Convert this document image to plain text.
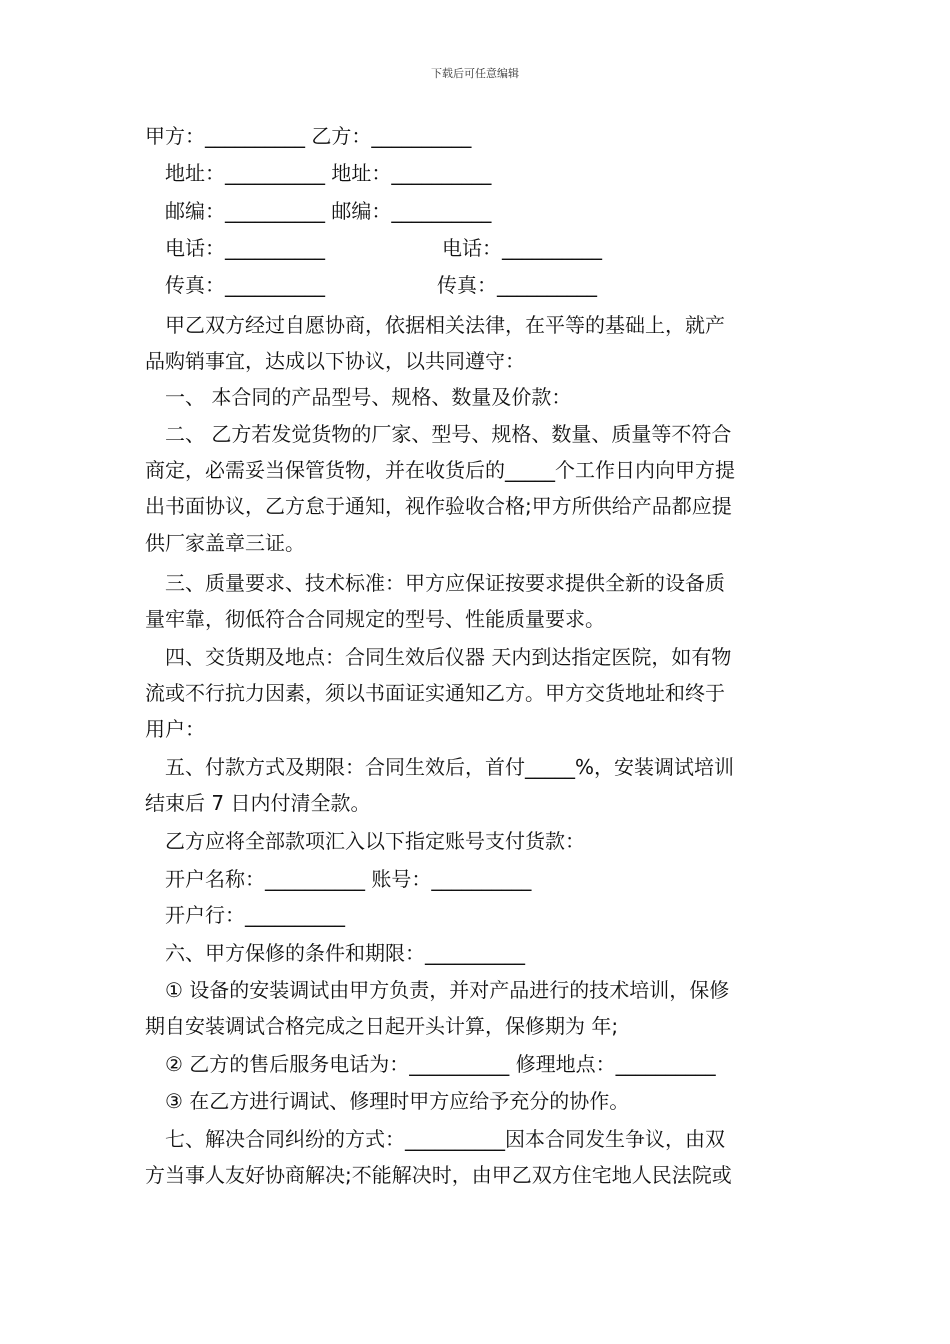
下载后可任意编辑
甲方：__________ 乙方：__________
地址：__________ 地址：__________
邮编：__________ 邮编：__________
电话：__________	电话：__________
传真：__________	传真：__________
甲乙双方经过自愿协商，依据相关法律，在平等的基础上，就产
品购销事宜，达成以下协议，以共同遵守：
一、 本合同的产品型号、规格、数量及价款：
二、 乙方若发觉货物的厂家、型号、规格、数量、质量等不符合
商定，必需妥当保管货物，并在收货后的_____个工作日内向甲方提
出书面协议，乙方怠于通知，视作验收合格;甲方所供给产品都应提
供厂家盖章三证。
三、质量要求、技术标准：甲方应保证按要求提供全新的设备质
量牢靠，彻低符合合同规定的型号、性能质量要求。
四、交货期及地点：合同生效后仪器 天内到达指定医院，如有物
流或不行抗力因素，须以书面证实通知乙方。甲方交货地址和终于
用户：
五、付款方式及期限：合同生效后，首付_____%，安装调试培训
结束后 7 日内付清全款。
乙方应将全部款项汇入以下指定账号支付货款：
开户名称：__________ 账号：__________
开户行：__________
六、甲方保修的条件和期限：__________
① 设备的安装调试由甲方负责，并对产品进行的技术培训，保修
期自安装调试合格完成之日起开头计算，保修期为 年;
② 乙方的售后服务电话为：__________ 修理地点：__________
③ 在乙方进行调试、修理时甲方应给予充分的协作。
七、解决合同纠纷的方式：__________因本合同发生争议，由双
方当事人友好协商解决;不能解决时，由甲乙双方住宅地人民法院或
